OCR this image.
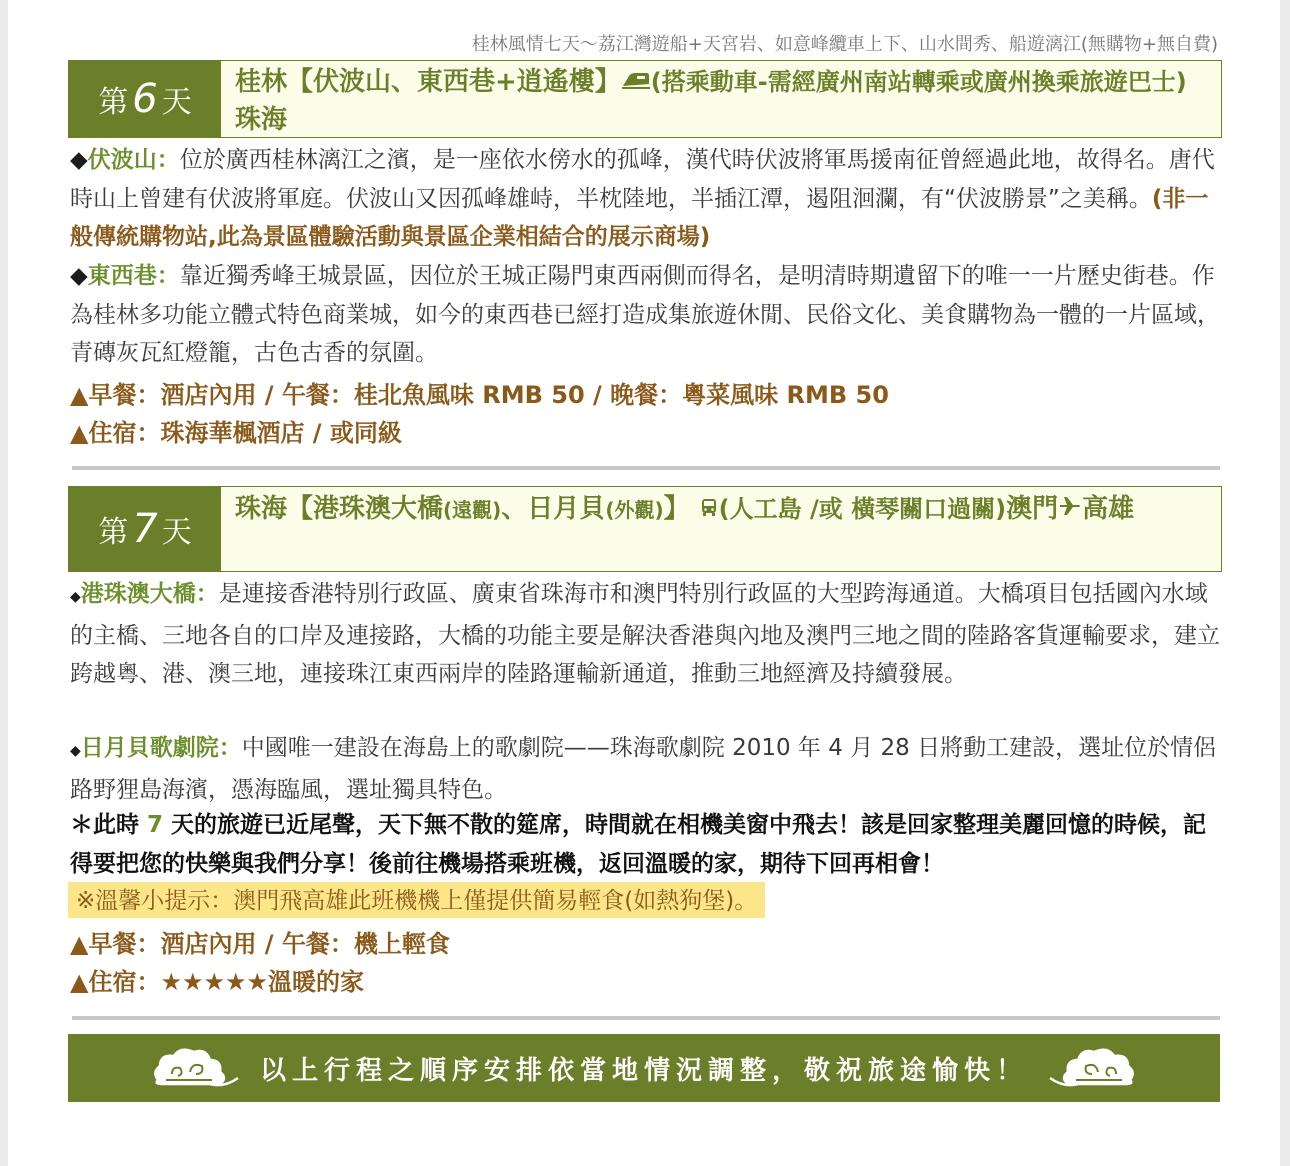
桂林風情七天～荔江灣遊船+天宮岩、如意峰纜車上下、山水間秀、船遊漓江(無購物+無自費)
第 6 天
桂林【伏波山、東西巷+逍遙樓】 (搭乘動車-需經廣州南站轉乘或廣州換乘旅遊巴士) 珠海
◆伏波山：位於廣西桂林漓江之濱，是一座依水傍水的孤峰，漢代時伏波將軍馬援南征曾經過此地，故得名。唐代時山上曾建有伏波將軍庭。伏波山又因孤峰雄峙，半枕陸地，半插江潭，遏阻洄瀾，有“伏波勝景”之美稱。(非一般傳統購物站,此為景區體驗活動與景區企業相結合的展示商場)
◆東西巷：靠近獨秀峰王城景區，因位於王城正陽門東西兩側而得名，是明清時期遺留下的唯一一片歷史街巷。作為桂林多功能立體式特色商業城，如今的東西巷已經打造成集旅遊休閒、民俗文化、美食購物為一體的一片區域，青磚灰瓦紅燈籠，古色古香的氛圍。
▲早餐：酒店內用 / 午餐：桂北魚風味 RMB 50 / 晚餐：粵菜風味 RMB 50
▲住宿：珠海華楓酒店 / 或同級
第 7 天
珠海【港珠澳大橋(遠觀)、日月貝(外觀)】 (人工島 /或 橫琴關口過關)澳門 高雄
◆港珠澳大橋：是連接香港特別行政區、廣東省珠海市和澳門特別行政區的大型跨海通道。大橋項目包括國內水域的主橋、三地各自的口岸及連接路，大橋的功能主要是解決香港與內地及澳門三地之間的陸路客貨運輸要求，建立跨越粵、港、澳三地，連接珠江東西兩岸的陸路運輸新通道，推動三地經濟及持續發展。
◆日月貝歌劇院：中國唯一建設在海島上的歌劇院——珠海歌劇院 2010 年 4 月 28 日將動工建設，選址位於情侶路野狸島海濱，憑海臨風，選址獨具特色。
＊此時 7 天的旅遊已近尾聲，天下無不散的筵席，時間就在相機美窗中飛去！該是回家整理美麗回憶的時候，記得要把您的快樂與我們分享！後前往機場搭乘班機，返回溫暖的家，期待下回再相會！
※溫馨小提示：澳門飛高雄此班機機上僅提供簡易輕食(如熱狗堡)。
▲早餐：酒店內用 / 午餐：機上輕食
▲住宿：★★★★★溫暖的家
以上行程之順序安排依當地情況調整，敬祝旅途愉快！
